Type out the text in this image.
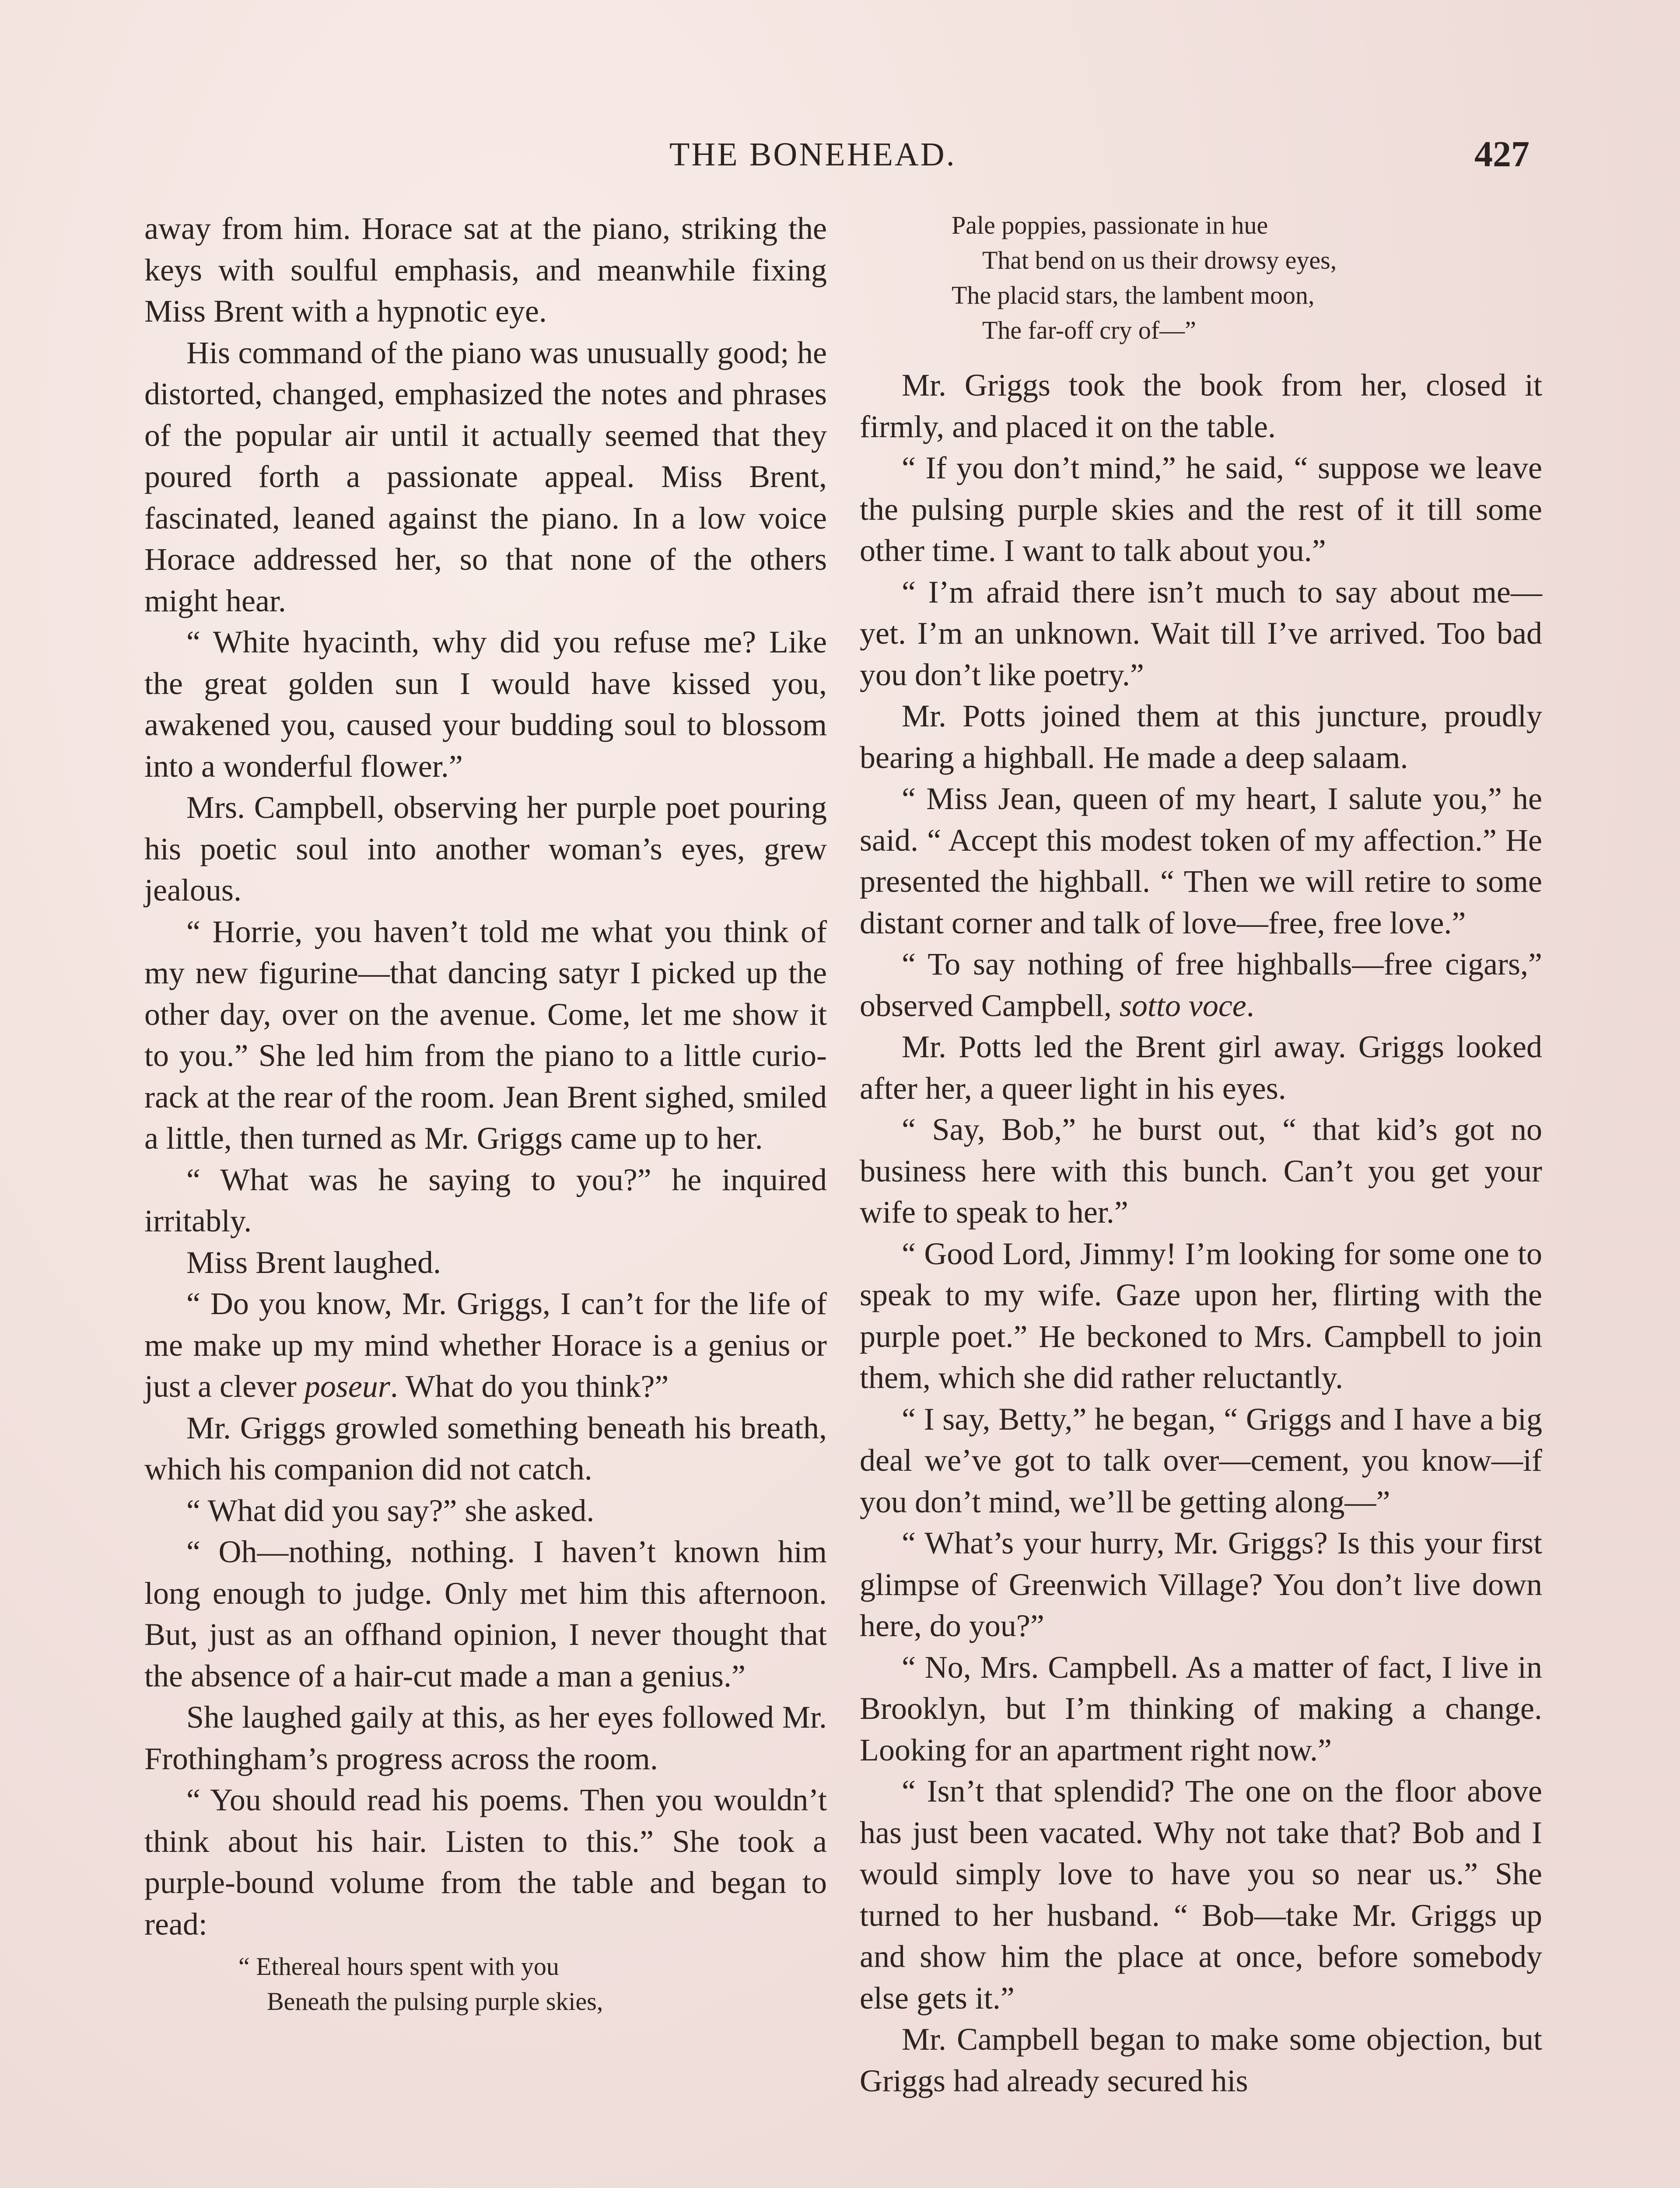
THE BONEHEAD.	427

away from him. Horace sat at the piano, striking the keys with soulful emphasis, and meanwhile fixing Miss Brent with a hypnotic eye.

His command of the piano was unusually good; he distorted, changed, emphasized the notes and phrases of the popular air until it actually seemed that they poured forth a passionate appeal. Miss Brent, fascinated, leaned against the piano. In a low voice Horace addressed her, so that none of the others might hear.

“ White hyacinth, why did you refuse me? Like the great golden sun I would have kissed you, awakened you, caused your budding soul to blossom into a wonderful flower.”

Mrs. Campbell, observing her purple poet pouring his poetic soul into another woman’s eyes, grew jealous.

“ Horrie, you haven’t told me what you think of my new figurine—that dancing satyr I picked up the other day, over on the avenue. Come, let me show it to you.” She led him from the piano to a little curio-rack at the rear of the room. Jean Brent sighed, smiled a little, then turned as Mr. Griggs came up to her.

“ What was he saying to you?” he inquired irritably.

Miss Brent laughed.

“ Do you know, Mr. Griggs, I can’t for the life of me make up my mind whether Horace is a genius or just a clever poseur. What do you think?”

Mr. Griggs growled something beneath his breath, which his companion did not catch.

“ What did you say?” she asked.

“ Oh—nothing, nothing. I haven’t known him long enough to judge. Only met him this afternoon. But, just as an offhand opinion, I never thought that the absence of a hair-cut made a man a genius.”

She laughed gaily at this, as her eyes followed Mr. Frothingham’s progress across the room.

“ You should read his poems. Then you wouldn’t think about his hair. Listen to this.” She took a purple-bound volume from the table and began to read:

“ Ethereal hours spent with you
Beneath the pulsing purple skies,
Pale poppies, passionate in hue
That bend on us their drowsy eyes,
The placid stars, the lambent moon,
The far-off cry of—”

Mr. Griggs took the book from her, closed it firmly, and placed it on the table.

“ If you don’t mind,” he said, “ suppose we leave the pulsing purple skies and the rest of it till some other time. I want to talk about you.”

“ I’m afraid there isn’t much to say about me—yet. I’m an unknown. Wait till I’ve arrived. Too bad you don’t like poetry.”

Mr. Potts joined them at this juncture, proudly bearing a highball. He made a deep salaam.

“ Miss Jean, queen of my heart, I salute you,” he said. “ Accept this modest token of my affection.” He presented the highball. “ Then we will retire to some distant corner and talk of love—free, free love.”

“ To say nothing of free highballs—free cigars,” observed Campbell, sotto voce.

Mr. Potts led the Brent girl away. Griggs looked after her, a queer light in his eyes.

“ Say, Bob,” he burst out, “ that kid’s got no business here with this bunch. Can’t you get your wife to speak to her.”

“ Good Lord, Jimmy! I’m looking for some one to speak to my wife. Gaze upon her, flirting with the purple poet.” He beckoned to Mrs. Campbell to join them, which she did rather reluctantly.

“ I say, Betty,” he began, “ Griggs and I have a big deal we’ve got to talk over—cement, you know—if you don’t mind, we’ll be getting along—”

“ What’s your hurry, Mr. Griggs? Is this your first glimpse of Greenwich Village? You don’t live down here, do you?”

“ No, Mrs. Campbell. As a matter of fact, I live in Brooklyn, but I’m thinking of making a change. Looking for an apartment right now.”

“ Isn’t that splendid? The one on the floor above has just been vacated. Why not take that? Bob and I would simply love to have you so near us.” She turned to her husband. “ Bob—take Mr. Griggs up and show him the place at once, before somebody else gets it.”

Mr. Campbell began to make some objection, but Griggs had already secured his
